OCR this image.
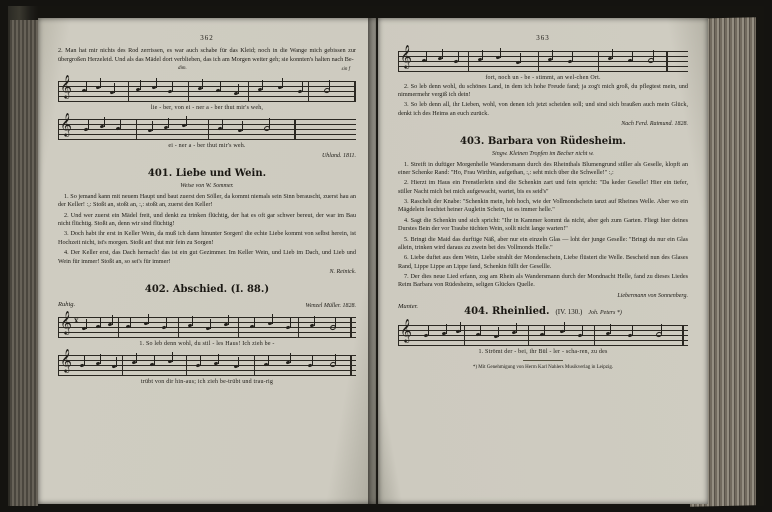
362
2. Man hat mir nichts des Rod zerrissen, es war auch schabe für das Kleid; noch in die Wange mich gebissen zur übergroßen Herzeleid. Und als das Mädel dort verblieben, das ich am Morgen weiter geh; sie konnten's halten nach Be-
dim.	sin f
𝄞
lie - ber, von ei - ner a - ber thut mir's weh,
𝄞
ei - ner a - ber thut mir's weh.
Uhland. 1811.
401. Liebe und Wein.
Weise von W. Sommer.
1. So jemand kann mit neuem Haupt und baut zuerst den Söller, da kommt niemals sein Sinn berauscht, zuerst hau an der Keller! :,: Stoßt an, stoßt an, :,: stoßt an, zuerst den Keller!
2. Und wer zuerst ein Mädel freit, und denkt zu trinken flüchtig, der hat es oft gar schwer bereut, der war im Bau nicht flüchtig. Stoßt an, denn wir sind flüchtig!
3. Doch habt ihr erst in Keller Wein, da muß ich dann hinunter Sorgen! die echte Liebe kommt von selbst herein, ist Hochzeit nicht, ist's morgen. Stoßt an! thut mir fein zu Sorgen!
4. Der Keller erst, das Dach hernach! das ist ein gut Gezimmer. Im Keller Wein, und Lieb im Dach, und Lieb und Wein für immer! Stoßt an, so sei's für immer!
N. Reinick.
402. Abschied. (I. 88.)
Ruhig.	Wenzel Müller. 1828.
𝄞 x
1. So leb denn wohl, du stil - les Haus! Ich zieh be -
𝄞
trübt von dir hin-aus; ich zieh be-trübt und trau-rig
363
𝄞
fort, noch un - be - stimmt, an wel-chen Ort.
2. So leb denn wohl, du schönes Land, in dem ich hohe Freude fand; ja zog't mich groß, du pflegtest mein, und nimmermehr vergiß ich dein!
3. So leb denn all, ihr Lieben, wohl, von denen ich jetzt scheiden soll; und sind sich braußen auch mein Glück, denkt ich des Heims an euch zurück.
Nach Ferd. Raimund. 1828.
403. Barbara von Rüdesheim.
Singw. Kleinen Tropfen im Becher nicht w.
1. Streift in duftiger Morgenhelle Wandersmann durch des Rheinthals Blumengrund stiller als Geselle, klopft an einer Schenke Rand: "Ho, Frau Wirthin, aufgethan, :,: seht mich über die Schwelle!" :,:
2. Hierzt im Haus ein Frenstlerlein sind die Schenkin zart und fein spricht: "Da keder Geselle! Hier ein tiefer, stiller Nacht mich bei mich aufgewacht, wartet, bis es seid's"
3. Raschelt der Knabe: "Schenkin mein, hob hoch, wie der Vollmondschein tanzt auf Rheines Welle. Aber wo ein Mägdelein leuchtet heiner Augleiin Schein, ist es immer helle."
4. Sagt die Schenkin und sich spricht: "Ihr in Kammer kommt da nicht, aber geh zum Garten. Fliegt hier deines Durstes Bein der vor Traube tüchten Wein, sollt nicht lange warten!"
5. Bringt die Maid das durftige Näß, aber nur ein einzeln Glas — loht der junge Geselle: "Bringt du nur ein Glas allein, trinken wird daraus zu zwein bei des Vollmonds Helle."
6. Liebe duftet aus dem Wein, Liebe strahlt der Mondenschein, Liebe flüstert die Welle. Bescheid nun des Glases Rand, Lippe Lippe an Lippe fand, Schenkin füllt der Gesellle.
7. Der dies neue Lied erfann, zog am Rhein als Wandersmann durch der Mondnacht Helle, fand zu dieses Liedes Reim Barbara von Rüdesheim, seligen Glückes Quelle.
Liebermann von Sonnenberg.
Munter.	404. Rheinlied. (IV. 130.) Joh. Peters *)
𝄞
1. Strömt der - bei, ihr Bül - ler - scha-ren, zu des
*) Mit Genehmigung von Herrn Karl Nahlers Musikverlag in Leipzig.
